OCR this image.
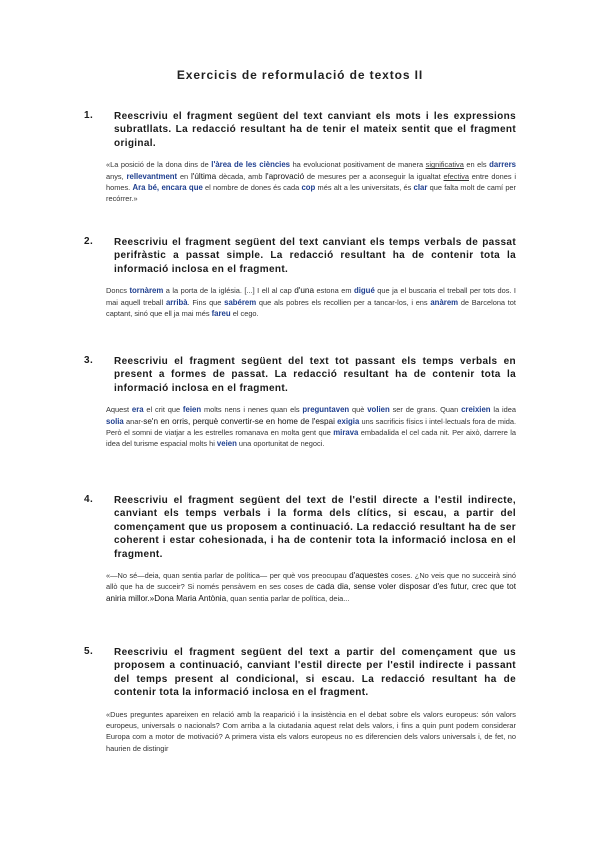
Exercicis de reformulació de textos II
1. Reescriviu el fragment següent del text canviant els mots i les expressions subratllats. La redacció resultant ha de tenir el mateix sentit que el fragment original.
«La posició de la dona dins de l'àrea de les ciències ha evolucionat positivament de manera significativa en els darrers anys, rellevantment en l'última dècada, amb l'aprovació de mesures per a aconseguir la igualtat efectiva entre dones i homes. Ara bé, encara que el nombre de dones és cada cop més alt a les universitats, és clar que falta molt de camí per recórrer.»
2. Reescriviu el fragment següent del text canviant els temps verbals de passat perifràstic a passat simple. La redacció resultant ha de contenir tota la informació inclosa en el fragment.
Doncs tornàrem a la porta de la iglésia. [...] I ell al cap d'una estona em digué que ja el buscaria el treball per tots dos. I mai aquell treball arribà. Fins que sabérem que als pobres els recollien per a tancar-los, i ens anàrem de Barcelona tot captant, sinó que ell ja mai més fareu el cego.
3. Reescriviu el fragment següent del text tot passant els temps verbals en present a formes de passat. La redacció resultant ha de contenir tota la informació inclosa en el fragment.
Aquest era el crit que feien molts nens i nenes quan els preguntaven què volien ser de grans. Quan creixien la idea solia anar-se'n en orris, perquè convertir-se en home de l'espai exigia uns sacrificis físics i intel·lectuals fora de mida. Però el somni de viatjar a les estrelles romanava en molta gent que mirava embadalida el cel cada nit. Per això, darrere la idea del turisme espacial molts hi veien una oportunitat de negoci.
4. Reescriviu el fragment següent del text de l'estil directe a l'estil indirecte, canviant els temps verbals i la forma dels clítics, si escau, a partir del començament que us proposem a continuació. La redacció resultant ha de ser coherent i estar cohesionada, i ha de contenir tota la informació inclosa en el fragment.
«—No sé—deia, quan sentia parlar de política— per què vos preocupau d'aquestes coses. ¿No veis que no succeirà sinó allò que ha de succeir? Si només pensàvem en ses coses de cada dia, sense voler disposar d'es futur, crec que tot aniria millor.»Dona Maria Antònia, quan sentia parlar de política, deia...
5. Reescriviu el fragment següent del text a partir del començament que us proposem a continuació, canviant l'estil directe per l'estil indirecte i passant del temps present al condicional, si escau. La redacció resultant ha de contenir tota la informació inclosa en el fragment.
«Dues preguntes apareixen en relació amb la reaparició i la insistència en el debat sobre els valors europeus: són valors europeus, universals o nacionals? Com arriba a la ciutadania aquest relat dels valors, i fins a quin punt podem considerar Europa com a motor de motivació? A primera vista els valors europeus no es diferencien dels valors universals i, de fet, no haurien de distingir
